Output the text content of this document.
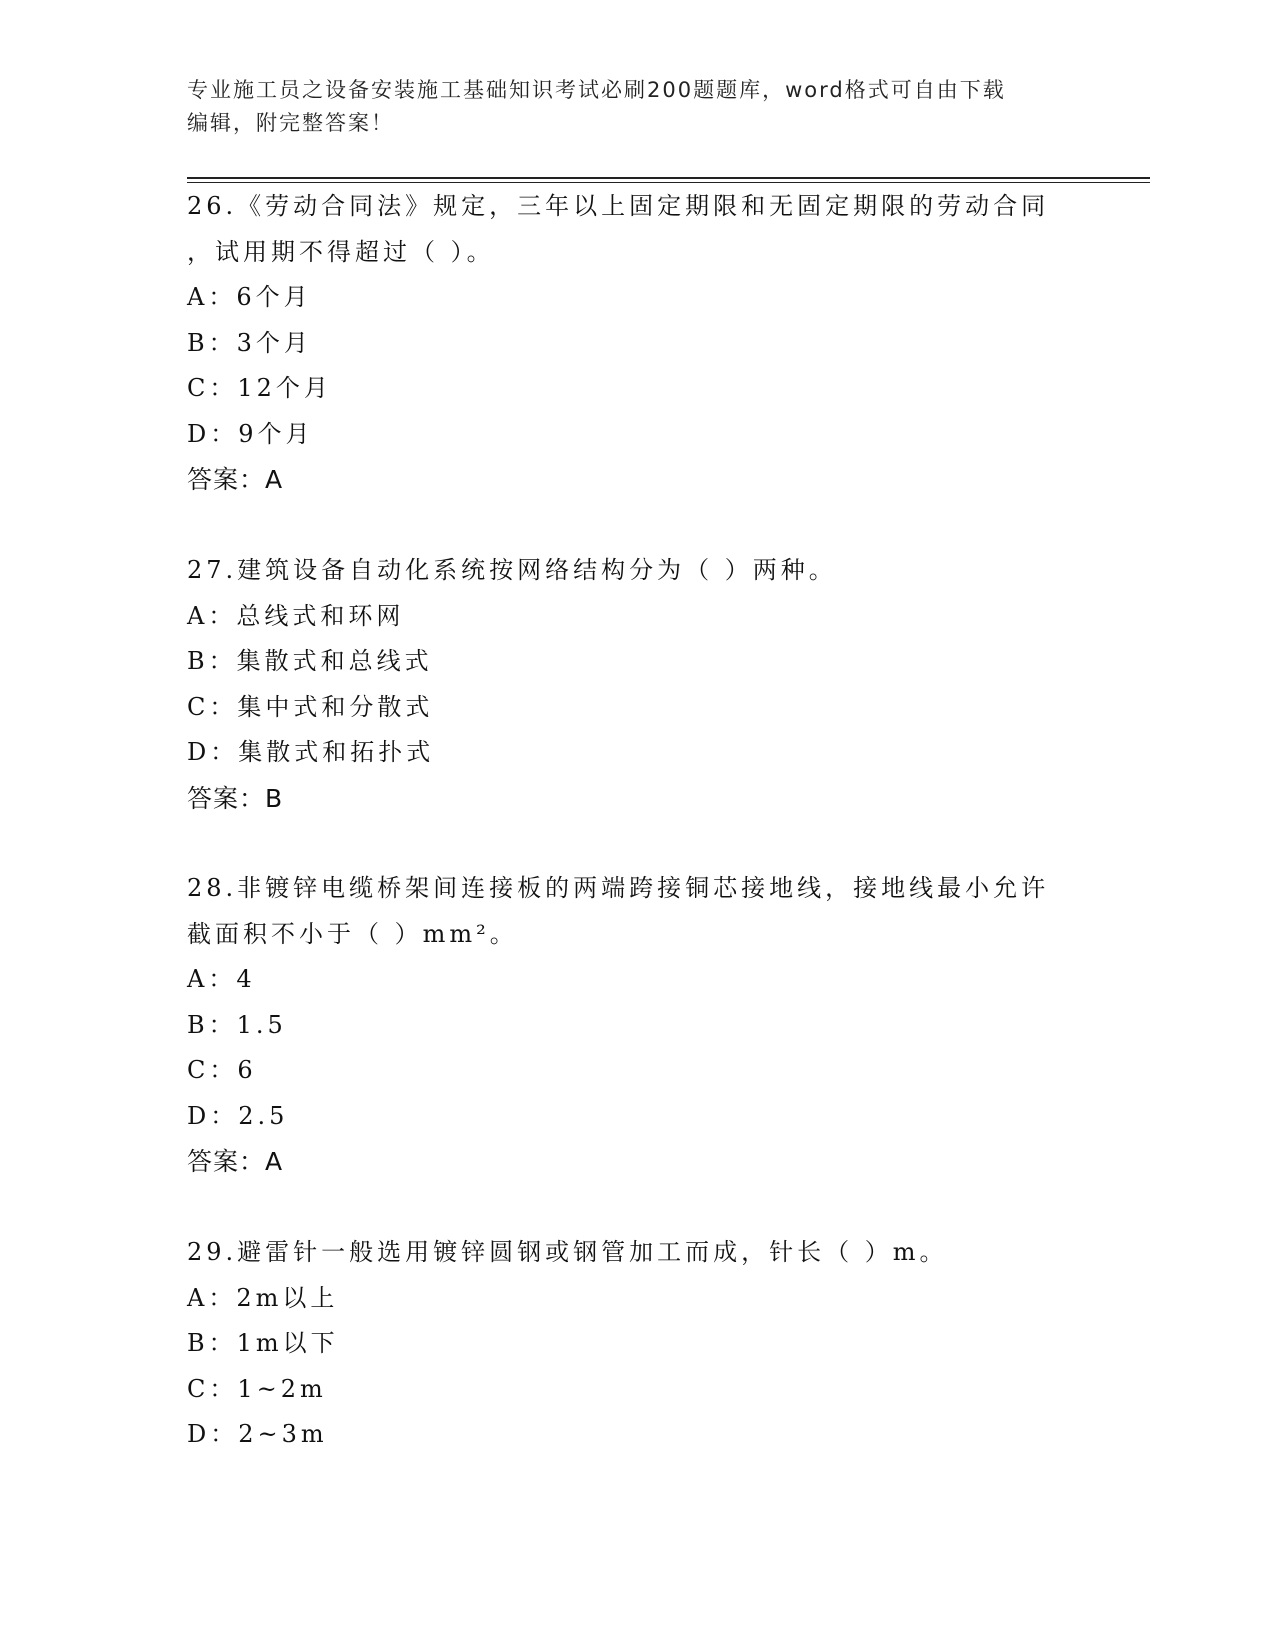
专业施工员之设备安装施工基础知识考试必刷200题题库，word格式可自由下载
编辑，附完整答案！
26.《劳动合同法》规定，三年以上固定期限和无固定期限的劳动合同
，试用期不得超过（ ）。
A：6个月
B：3个月
C：12个月
D：9个月
答案：A
27.建筑设备自动化系统按网络结构分为（ ）两种。
A：总线式和环网
B：集散式和总线式
C：集中式和分散式
D：集散式和拓扑式
答案：B
28.非镀锌电缆桥架间连接板的两端跨接铜芯接地线，接地线最小允许
截面积不小于（ ）mm²。
A：4
B：1.5
C：6
D：2.5
答案：A
29.避雷针一般选用镀锌圆钢或钢管加工而成，针长（ ）m。
A：2m以上
B：1m以下
C：1~2m
D：2~3m
